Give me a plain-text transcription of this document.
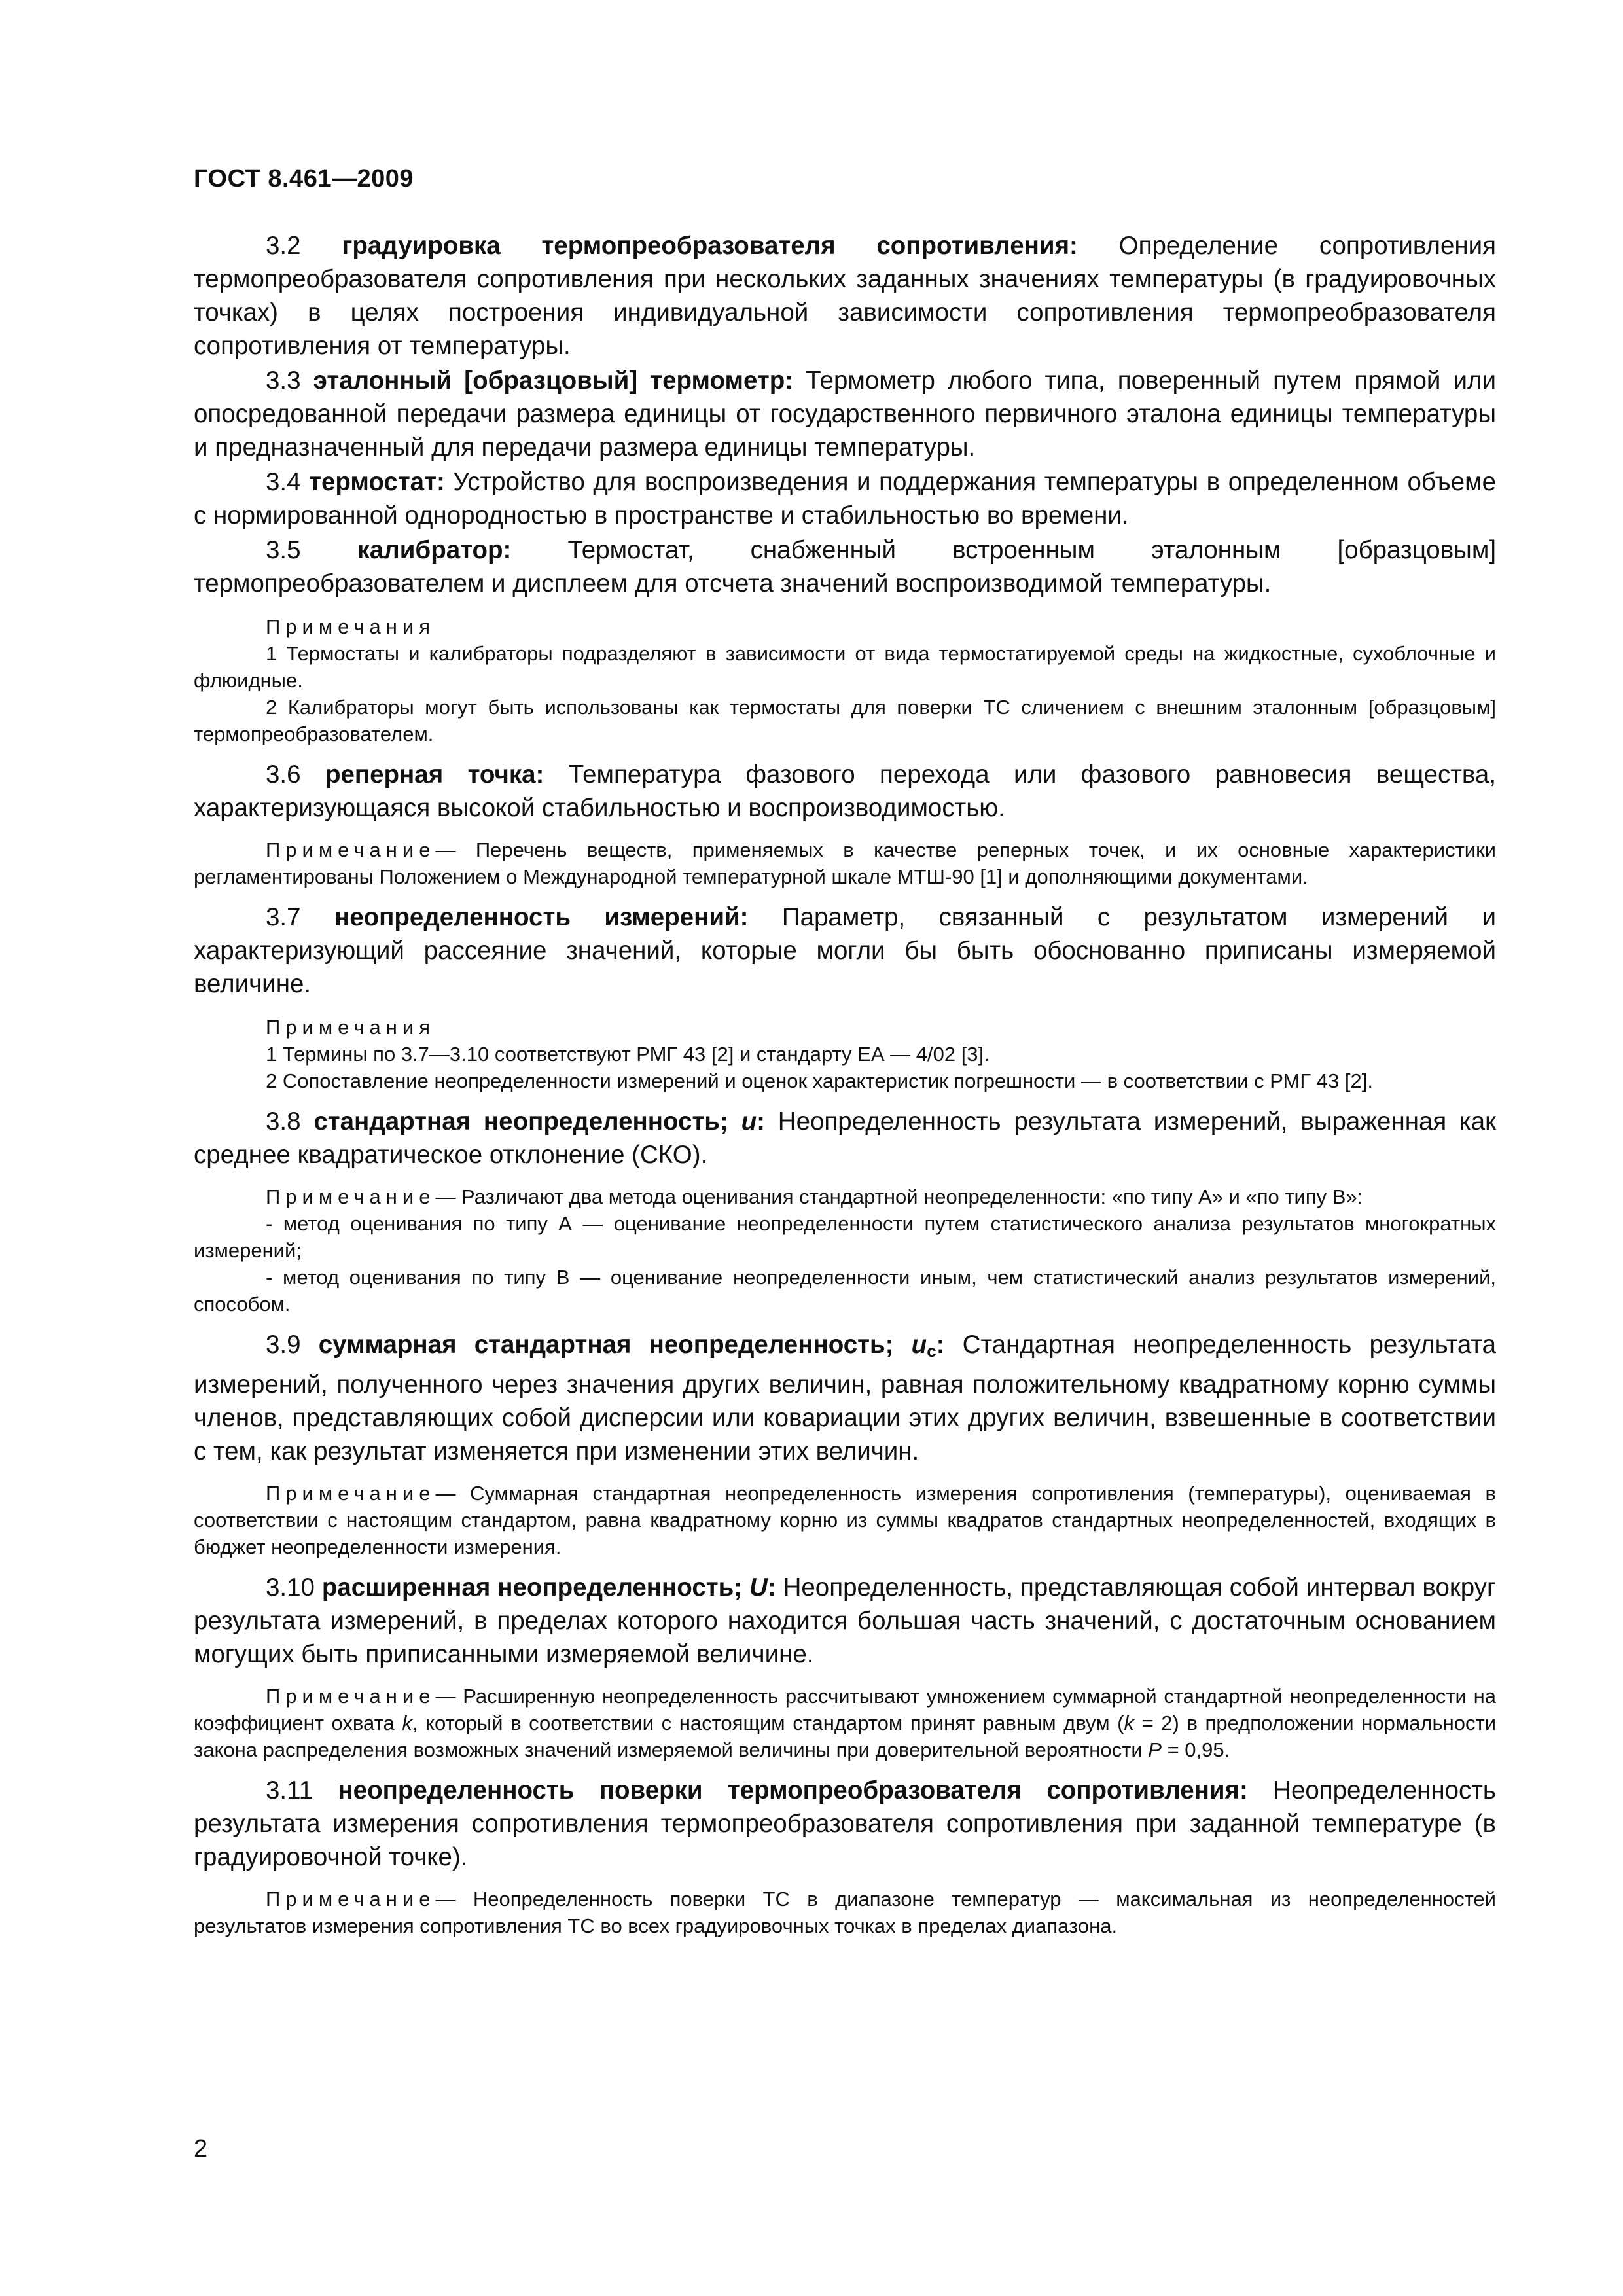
ГОСТ 8.461—2009

3.2 градуировка термопреобразователя сопротивления: Определение сопротивления термопреобразователя сопротивления при нескольких заданных значениях температуры (в градуировочных точках) в целях построения индивидуальной зависимости сопротивления термопреобразователя сопротивления от температуры.

3.3 эталонный [образцовый] термометр: Термометр любого типа, поверенный путем прямой или опосредованной передачи размера единицы от государственного первичного эталона единицы температуры и предназначенный для передачи размера единицы температуры.

3.4 термостат: Устройство для воспроизведения и поддержания температуры в определенном объеме с нормированной однородностью в пространстве и стабильностью во времени.

3.5 калибратор: Термостат, снабженный встроенным эталонным [образцовым] термопреобразователем и дисплеем для отсчета значений воспроизводимой температуры.

Примечания

1 Термостаты и калибраторы подразделяют в зависимости от вида термостатируемой среды на жидкостные, сухоблочные и флюидные.

2 Калибраторы могут быть использованы как термостаты для поверки ТС сличением с внешним эталонным [образцовым] термопреобразователем.

3.6 реперная точка: Температура фазового перехода или фазового равновесия вещества, характеризующаяся высокой стабильностью и воспроизводимостью.

Примечание— Перечень веществ, применяемых в качестве реперных точек, и их основные характеристики регламентированы Положением о Международной температурной шкале МТШ-90 [1] и дополняющими документами.

3.7 неопределенность измерений: Параметр, связанный с результатом измерений и характеризующий рассеяние значений, которые могли бы быть обоснованно приписаны измеряемой величине.

Примечания

1 Термины по 3.7—3.10 соответствуют РМГ 43 [2] и стандарту ЕА — 4/02 [3].

2 Сопоставление неопределенности измерений и оценок характеристик погрешности — в соответствии с РМГ 43 [2].

3.8 стандартная неопределенность; u: Неопределенность результата измерений, выраженная как среднее квадратическое отклонение (СКО).

Примечание— Различают два метода оценивания стандартной неопределенности: «по типу А» и «по типу В»:

- метод оценивания по типу А — оценивание неопределенности путем статистического анализа результатов многократных измерений;

- метод оценивания по типу В — оценивание неопределенности иным, чем статистический анализ результатов измерений, способом.

3.9 суммарная стандартная неопределенность; $u_c$: Стандартная неопределенность результата измерений, полученного через значения других величин, равная положительному квадратному корню суммы членов, представляющих собой дисперсии или ковариации этих других величин, взвешенные в соответствии с тем, как результат изменяется при изменении этих величин.

Примечание— Суммарная стандартная неопределенность измерения сопротивления (температуры), оцениваемая в соответствии с настоящим стандартом, равна квадратному корню из суммы квадратов стандартных неопределенностей, входящих в бюджет неопределенности измерения.

3.10 расширенная неопределенность; U: Неопределенность, представляющая собой интервал вокруг результата измерений, в пределах которого находится большая часть значений, с достаточным основанием могущих быть приписанными измеряемой величине.

Примечание— Расширенную неопределенность рассчитывают умножением суммарной стандартной неопределенности на коэффициент охвата k, который в соответствии с настоящим стандартом принят равным двум (k = 2) в предположении нормальности закона распределения возможных значений измеряемой величины при доверительной вероятности P = 0,95.

3.11 неопределенность поверки термопреобразователя сопротивления: Неопределенность результата измерения сопротивления термопреобразователя сопротивления при заданной температуре (в градуировочной точке).

Примечание— Неопределенность поверки ТС в диапазоне температур — максимальная из неопределенностей результатов измерения сопротивления ТС во всех градуировочных точках в пределах диапазона.

2
